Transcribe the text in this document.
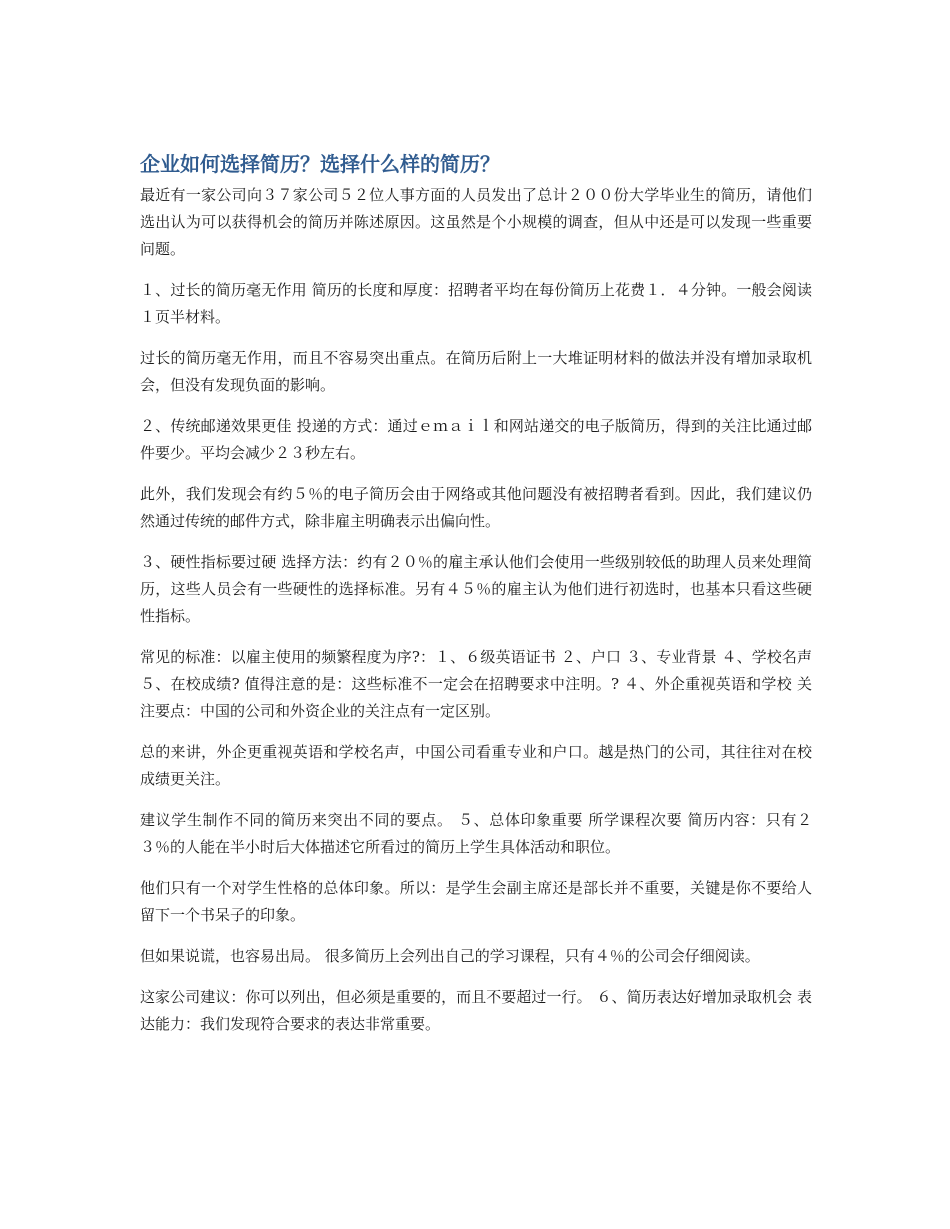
企业如何选择简历？选择什么样的简历？

最近有一家公司向３７家公司５２位人事方面的人员发出了总计２００份大学毕业生的简历，请他们选出认为可以获得机会的简历并陈述原因。这虽然是个小规模的调查，但从中还是可以发现一些重要问题。

１、过长的简历毫无作用 简历的长度和厚度：招聘者平均在每份简历上花费１．４分钟。一般会阅读１页半材料。

过长的简历毫无作用，而且不容易突出重点。在简历后附上一大堆证明材料的做法并没有增加录取机会，但没有发现负面的影响。

２、传统邮递效果更佳 投递的方式：通过ｅｍａｉｌ和网站递交的电子版简历，得到的关注比通过邮件要少。平均会减少２３秒左右。

此外，我们发现会有约５％的电子简历会由于网络或其他问题没有被招聘者看到。因此，我们建议仍然通过传统的邮件方式，除非雇主明确表示出偏向性。

３、硬性指标要过硬 选择方法：约有２０％的雇主承认他们会使用一些级别较低的助理人员来处理简历，这些人员会有一些硬性的选择标准。另有４５％的雇主认为他们进行初选时，也基本只看这些硬性指标。

常见的标准：以雇主使用的频繁程度为序?：１、６级英语证书 ２、户口 ３、专业背景 ４、学校名声 ５、在校成绩? 值得注意的是：这些标准不一定会在招聘要求中注明。? ４、外企重视英语和学校 关注要点：中国的公司和外资企业的关注点有一定区别。

总的来讲，外企更重视英语和学校名声，中国公司看重专业和户口。越是热门的公司，其往往对在校成绩更关注。

建议学生制作不同的简历来突出不同的要点。 ５、总体印象重要 所学课程次要 简历内容：只有２３％的人能在半小时后大体描述它所看过的简历上学生具体活动和职位。

他们只有一个对学生性格的总体印象。所以：是学生会副主席还是部长并不重要，关键是你不要给人留下一个书呆子的印象。

但如果说谎，也容易出局。 很多简历上会列出自己的学习课程，只有４％的公司会仔细阅读。

这家公司建议：你可以列出，但必须是重要的，而且不要超过一行。 ６、简历表达好增加录取机会 表达能力：我们发现符合要求的表达非常重要。
